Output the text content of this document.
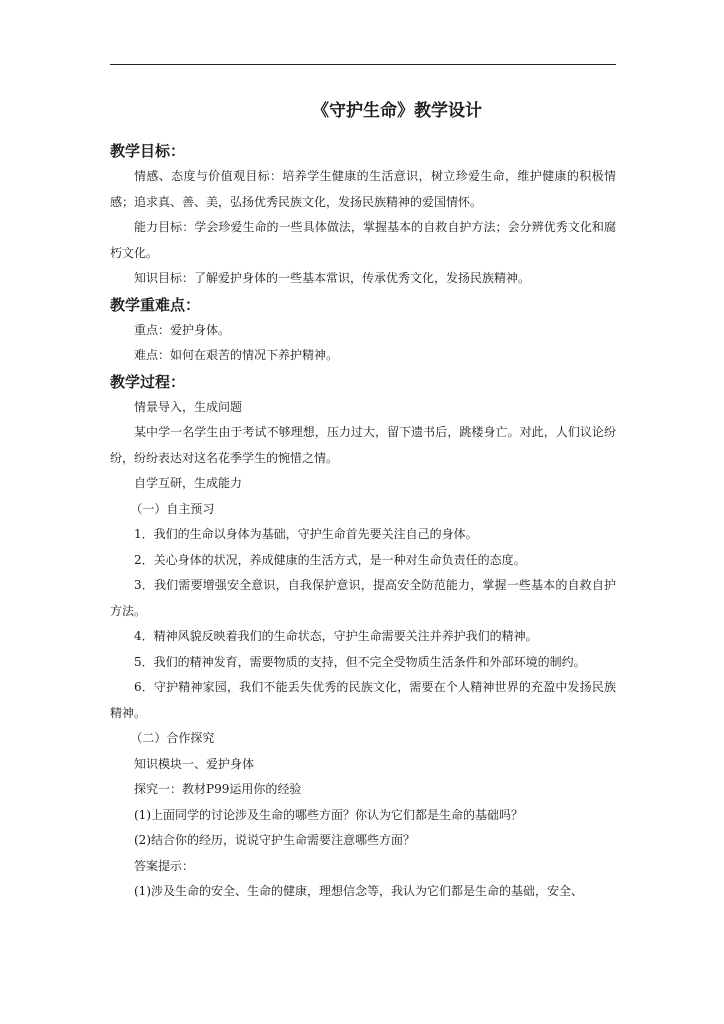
《守护生命》教学设计
教学目标：

情感、态度与价值观目标：培养学生健康的生活意识，树立珍爱生命，维护健康的积极情感；追求真、善、美，弘扬优秀民族文化，发扬民族精神的爱国情怀。

能力目标：学会珍爱生命的一些具体做法，掌握基本的自救自护方法；会分辨优秀文化和腐朽文化。

知识目标：了解爱护身体的一些基本常识，传承优秀文化，发扬民族精神。

教学重难点：

重点：爱护身体。

难点：如何在艰苦的情况下养护精神。

教学过程：

情景导入，生成问题

某中学一名学生由于考试不够理想，压力过大，留下遗书后，跳楼身亡。对此，人们议论纷纷，纷纷表达对这名花季学生的惋惜之情。

自学互研，生成能力

（一）自主预习

1．我们的生命以身体为基础，守护生命首先要关注自己的身体。

2．关心身体的状况，养成健康的生活方式，是一种对生命负责任的态度。

3．我们需要增强安全意识，自我保护意识，提高安全防范能力，掌握一些基本的自救自护方法。

4．精神风貌反映着我们的生命状态，守护生命需要关注并养护我们的精神。

5．我们的精神发育，需要物质的支持，但不完全受物质生活条件和外部环境的制约。

6．守护精神家园，我们不能丢失优秀的民族文化，需要在个人精神世界的充盈中发扬民族精神。

（二）合作探究

知识模块一、爱护身体

探究一：教材P99运用你的经验

(1)上面同学的讨论涉及生命的哪些方面？你认为它们都是生命的基础吗？

(2)结合你的经历，说说守护生命需要注意哪些方面？

答案提示：

(1)涉及生命的安全、生命的健康，理想信念等，我认为它们都是生命的基础，安全、
